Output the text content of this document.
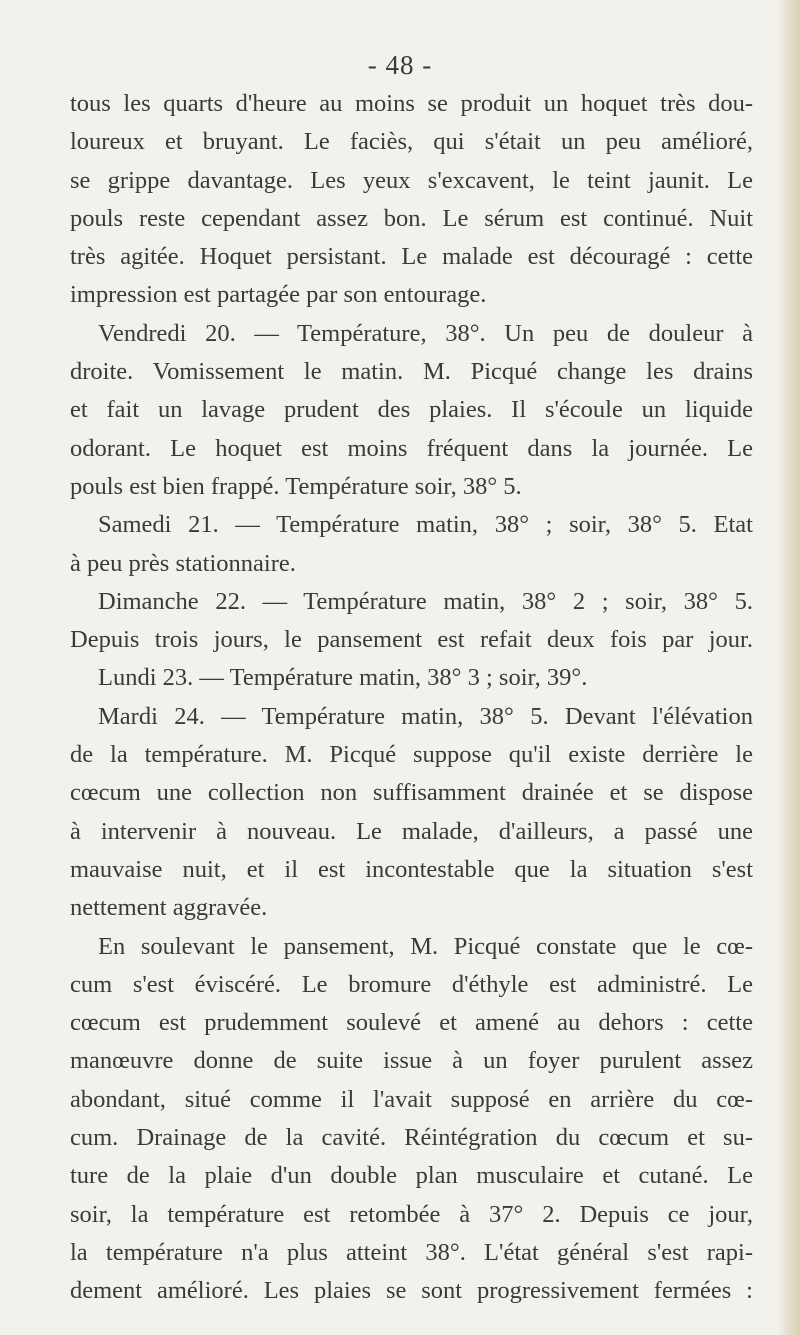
- 48 -
tous les quarts d'heure au moins se produit un hoquet très dou-
loureux et bruyant. Le faciès, qui s'était un peu amélioré,
se grippe davantage. Les yeux s'excavent, le teint jaunit. Le
pouls reste cependant assez bon. Le sérum est continué. Nuit
très agitée. Hoquet persistant. Le malade est découragé : cette
impression est partagée par son entourage.
Vendredi 20. — Température, 38°. Un peu de douleur à
droite. Vomissement le matin. M. Picqué change les drains
et fait un lavage prudent des plaies. Il s'écoule un liquide
odorant. Le hoquet est moins fréquent dans la journée. Le
pouls est bien frappé. Température soir, 38° 5.
Samedi 21. — Température matin, 38° ; soir, 38° 5. Etat
à peu près stationnaire.
Dimanche 22. — Température matin, 38° 2 ; soir, 38° 5.
Depuis trois jours, le pansement est refait deux fois par jour.
Lundi 23. — Température matin, 38° 3 ; soir, 39°.
Mardi 24. — Température matin, 38° 5. Devant l'élévation
de la température. M. Picqué suppose qu'il existe derrière le
cœcum une collection non suffisamment drainée et se dispose
à intervenir à nouveau. Le malade, d'ailleurs, a passé une
mauvaise nuit, et il est incontestable que la situation s'est
nettement aggravée.
En soulevant le pansement, M. Picqué constate que le cœ-
cum s'est éviscéré. Le bromure d'éthyle est administré. Le
cœcum est prudemment soulevé et amené au dehors : cette
manœuvre donne de suite issue à un foyer purulent assez
abondant, situé comme il l'avait supposé en arrière du cœ-
cum. Drainage de la cavité. Réintégration du cœcum et su-
ture de la plaie d'un double plan musculaire et cutané. Le
soir, la température est retombée à 37° 2. Depuis ce jour,
la température n'a plus atteint 38°. L'état général s'est rapi-
dement amélioré. Les plaies se sont progressivement fermées :
